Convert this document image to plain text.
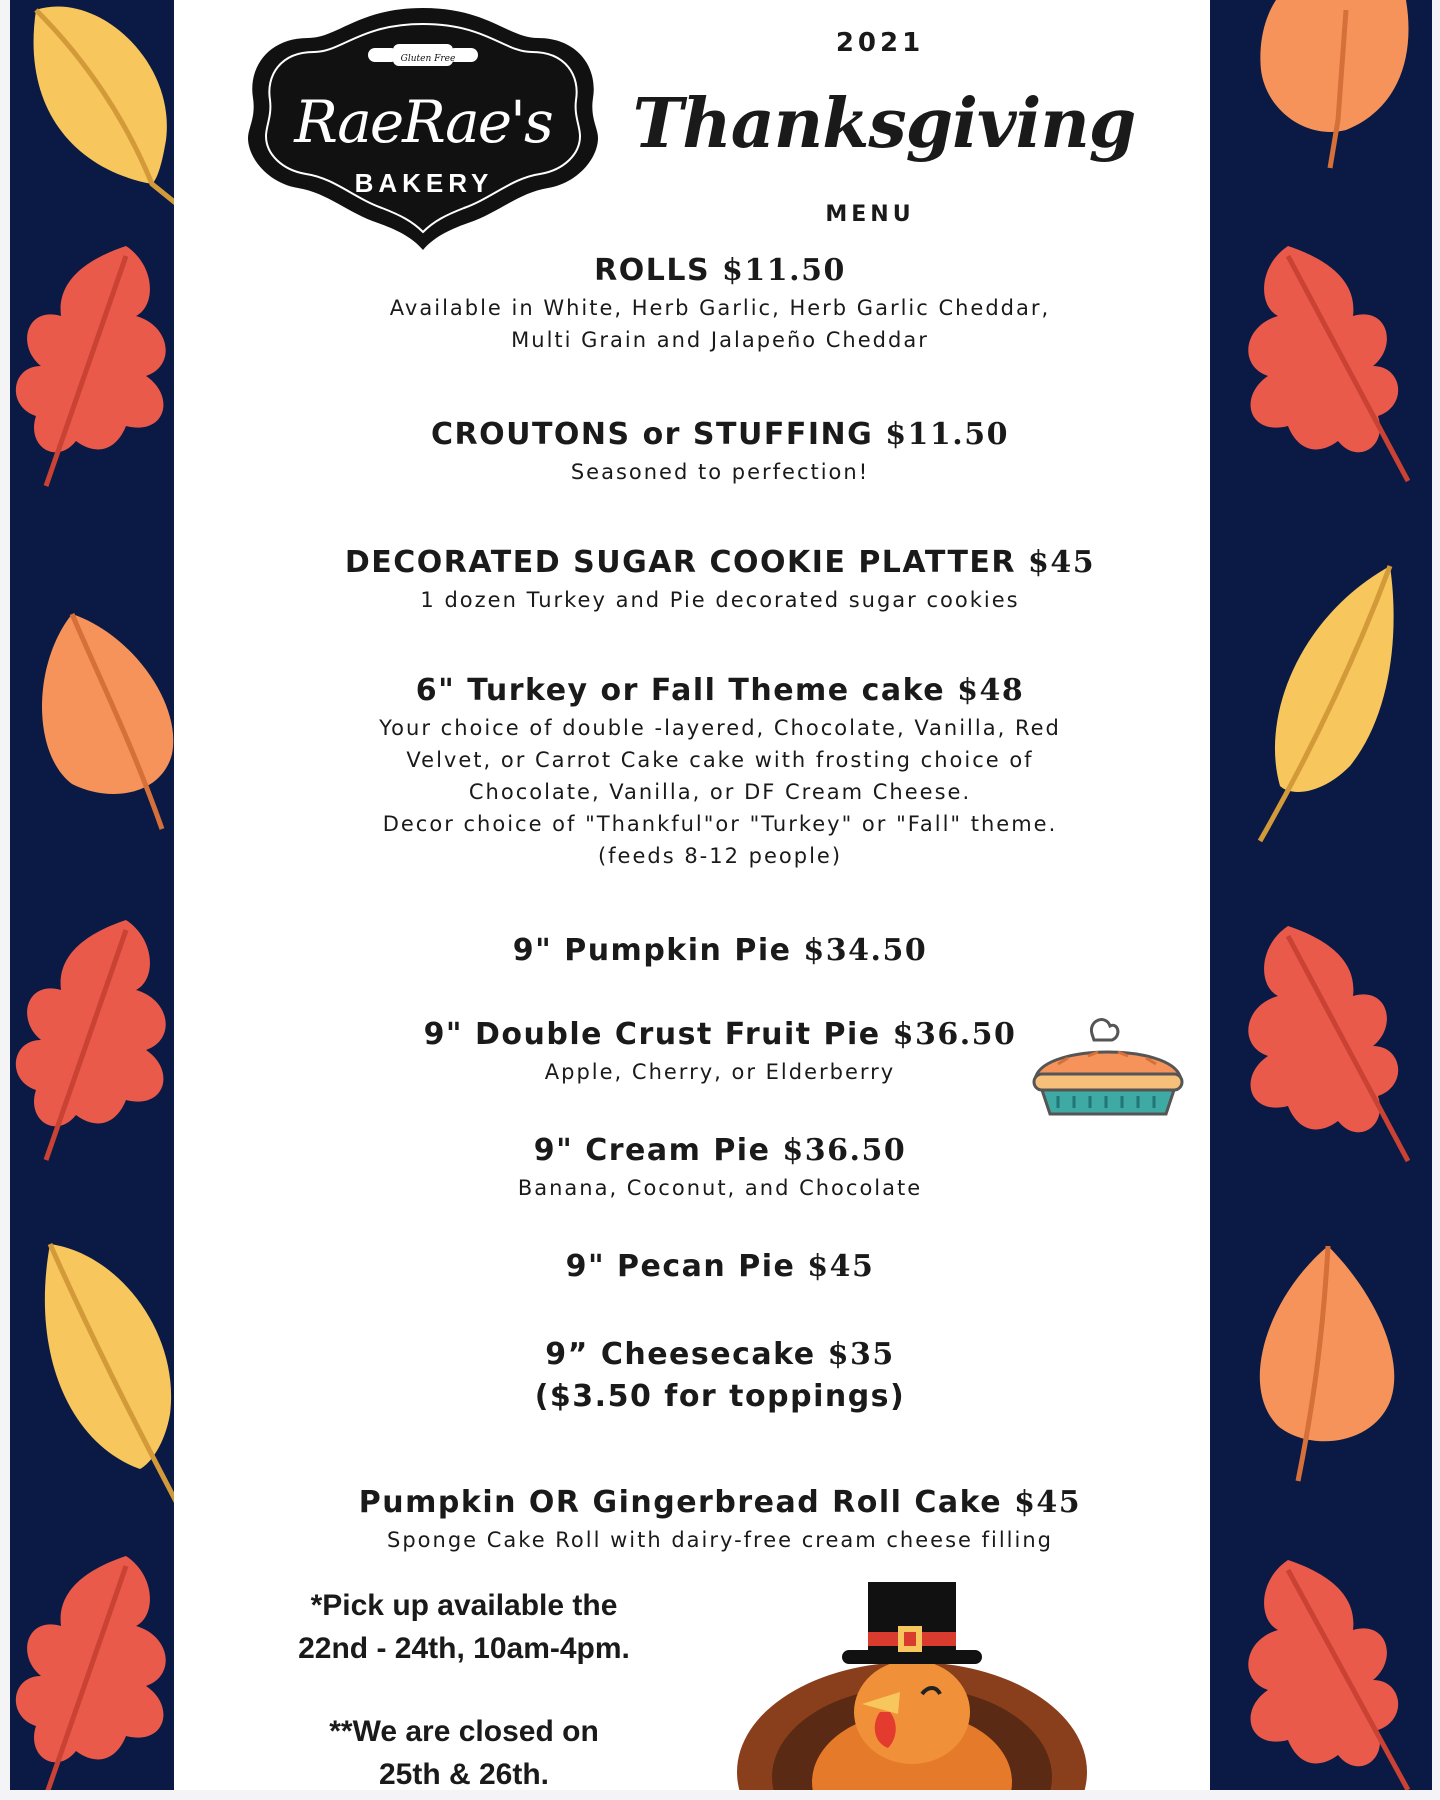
Gluten Free
RaeRae's
BAKERY
2021
Thanksgiving
MENU
ROLLS $11.50
Available in White, Herb Garlic, Herb Garlic Cheddar,
Multi Grain and Jalapeño Cheddar
CROUTONS or STUFFING $11.50
Seasoned to perfection!
DECORATED SUGAR COOKIE PLATTER $45
1 dozen Turkey and Pie decorated sugar cookies
6" Turkey or Fall Theme cake $48
Your choice of double -layered, Chocolate, Vanilla, Red
Velvet, or Carrot Cake cake with frosting choice of
Chocolate, Vanilla, or DF Cream Cheese.
Decor choice of "Thankful"or "Turkey" or "Fall" theme.
(feeds 8-12 people)
9" Pumpkin Pie $34.50
9" Double Crust Fruit Pie $36.50
Apple, Cherry, or Elderberry
9" Cream Pie $36.50
Banana, Coconut, and Chocolate
9" Pecan Pie $45
9” Cheesecake $35
($3.50 for toppings)
Pumpkin OR Gingerbread Roll Cake $45
Sponge Cake Roll with dairy-free cream cheese filling

*Pick up available the

22nd - 24th, 10am-4pm.

**We are closed on

25th & 26th.
